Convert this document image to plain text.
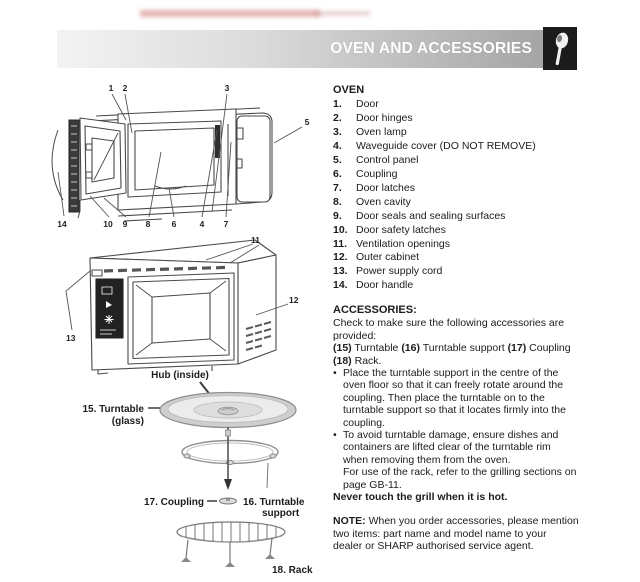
OVEN AND ACCESSORIES
1 2	3
5
14	10 9 8	6	4 7
11
13
12
Hub (inside)
15. Turntable
(glass)
17. Coupling	16. Turntable
support
18. Rack
OVEN
1.	Door
2.	Door hinges
3.	Oven lamp
4.	Waveguide cover (DO NOT REMOVE)
5.	Control panel
6.	Coupling
7.	Door latches
8.	Oven cavity
9.	Door seals and sealing surfaces
10. Door safety latches
11. Ventilation openings
12. Outer cabinet
13. Power supply cord
14. Door handle
ACCESSORIES:
Check to make sure the following accessories are
provided:
(15) Turntable (16) Turntable support (17) Coupling
(18) Rack.
• Place the turntable support in the centre of the
oven floor so that it can freely rotate around the
coupling. Then place the turntable on to the
turntable support so that it locates firmly into the
coupling.
• To avoid turntable damage, ensure dishes and
containers are lifted clear of the turntable rim
when removing them from the oven.
For use of the rack, refer to the grilling sections on
page GB-11.
Never touch the grill when it is hot.
NOTE: When you order accessories, please mention
two items: part name and model name to your
dealer or SHARP authorised service agent.
